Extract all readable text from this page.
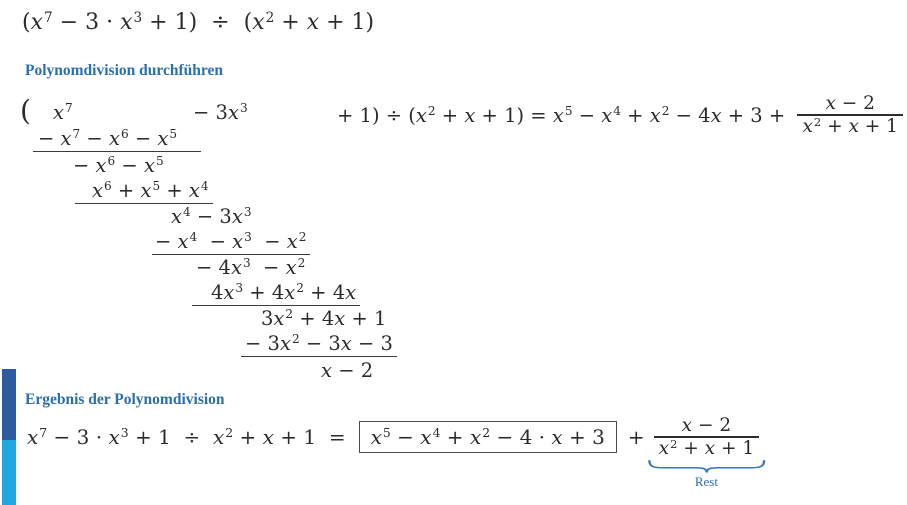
$(x^7 - 3 \cdot x^3 + 1) \div (x^2 + x + 1)$
Polynomdivision durchführen
( $x^7$	− $3x^3$	+ $1) \div (x^2 + x + 1) = x^5 - x^4 + x^2 - 4x + 3 + \frac{x - 2}{x^2 + x + 1}$
− $x^7 - x^6 - x^5$
− $x^6 - x^5$
$x^6 + x^5 + x^4$
$x^4 - 3x^3$
− $x^4 - x^3 - x^2$
− $4x^3 - x^2$
$4x^3 + 4x^2 + 4x$
$3x^2 + 4x + 1$
− $3x^2 - 3x - 3$
x − 2
Ergebnis der Polynomdivision
$x^7 - 3 \cdot x^3 + 1 \div x^2 + x + 1$  =	$x^5 - x^4 + x^2 - 4 \cdot x + 3$	+ x − 2
$x^2 + x + 1$
Rest
